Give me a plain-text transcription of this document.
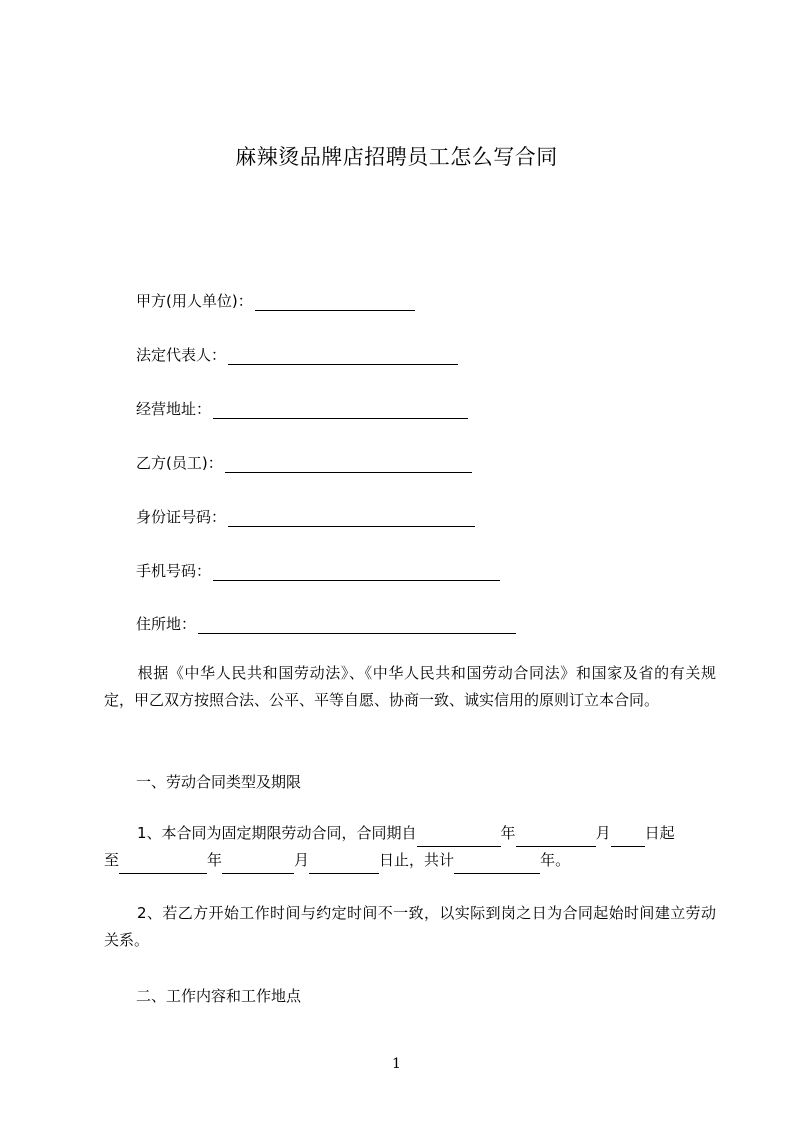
麻辣烫品牌店招聘员工怎么写合同
甲方(用人单位)：
法定代表人：
经营地址：
乙方(员工)：
身份证号码：
手机号码：
住所地：
根据《中华人民共和国劳动法》、《中华人民共和国劳动合同法》和国家及省的有关规定，甲乙双方按照合法、公平、平等自愿、协商一致、诚实信用的原则订立本合同。
一、劳动合同类型及期限
1、本合同为固定期限劳动合同，合同期自	年	月 日起
至	年	月	日止，共计	年。
2、若乙方开始工作时间与约定时间不一致，以实际到岗之日为合同起始时间建立劳动关系。
二、工作内容和工作地点
1
